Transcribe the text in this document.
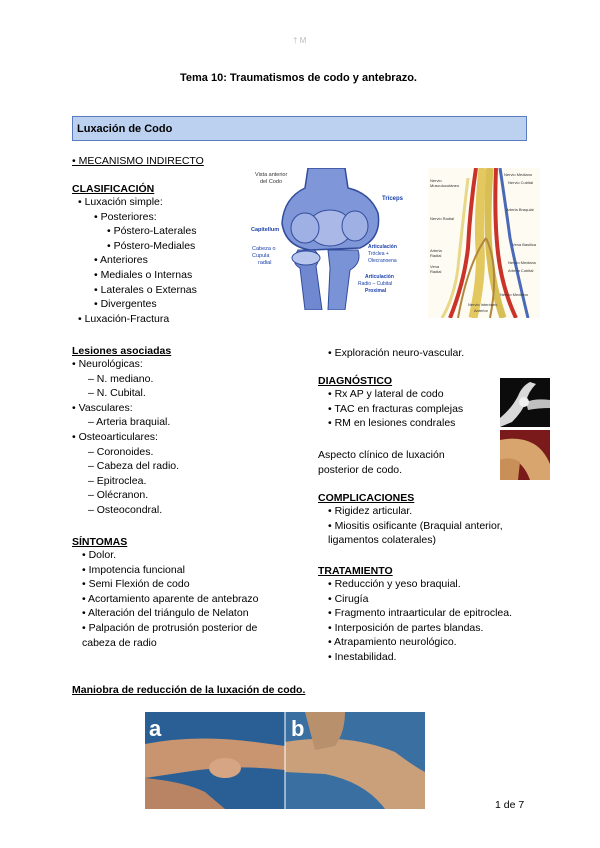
† M
Tema 10: Traumatismos de codo y antebrazo.
Luxación de Codo
• MECANISMO INDIRECTO
CLASIFICACIÓN
• Luxación simple:
• Posteriores:
• Póstero-Laterales
• Póstero-Mediales
• Anteriores
• Mediales o Internas
• Laterales o Externas
• Divergentes
• Luxación-Fractura
Vista anterior
del Codo
Tríceps
Capitellum
Cabeza o
Cupula
radial
Articulación
Tróclea +
Olecranoena
Articulación
Radio – Cubital
Proximal
Nervio
Musculocutáneo
Nervio Radial
Arteria
Radial
Vena
Radial
Nervio Mediano
Nervio Cubital
Arteria Braquial
Vena Basilica
Nervio Mediano
Arteria Cubital
Nervio Mediano
Nervio Interóseo
Anterior
Lesiones asociadas
• Neurológicas:
– N. mediano.
– N. Cubital.
• Vasculares:
– Arteria braquial.
• Osteoarticulares:
– Coronoides.
– Cabeza del radio.
– Epitroclea.
– Olécranon.
– Osteocondral.
SÍNTOMAS
• Dolor.
• Impotencia funcional
• Semi Flexión de codo
• Acortamiento aparente de antebrazo
• Alteración del triángulo de Nelaton
• Palpación de protrusión posterior de
cabeza de radio
• Exploración neuro-vascular.
DIAGNÓSTICO
• Rx AP y lateral de codo
• TAC en fracturas complejas
• RM en lesiones condrales
Aspecto clínico de luxación
posterior de codo.
COMPLICACIONES
• Rigidez articular.
• Miositis osificante (Braquial anterior,
ligamentos colaterales)
TRATAMIENTO
• Reducción y yeso braquial.
• Cirugía
• Fragmento intraarticular de epitroclea.
• Interposición de partes blandas.
• Atrapamiento neurológico.
• Inestabilidad.
Maniobra de reducción de la luxación de codo.
a	b
1 de 7
